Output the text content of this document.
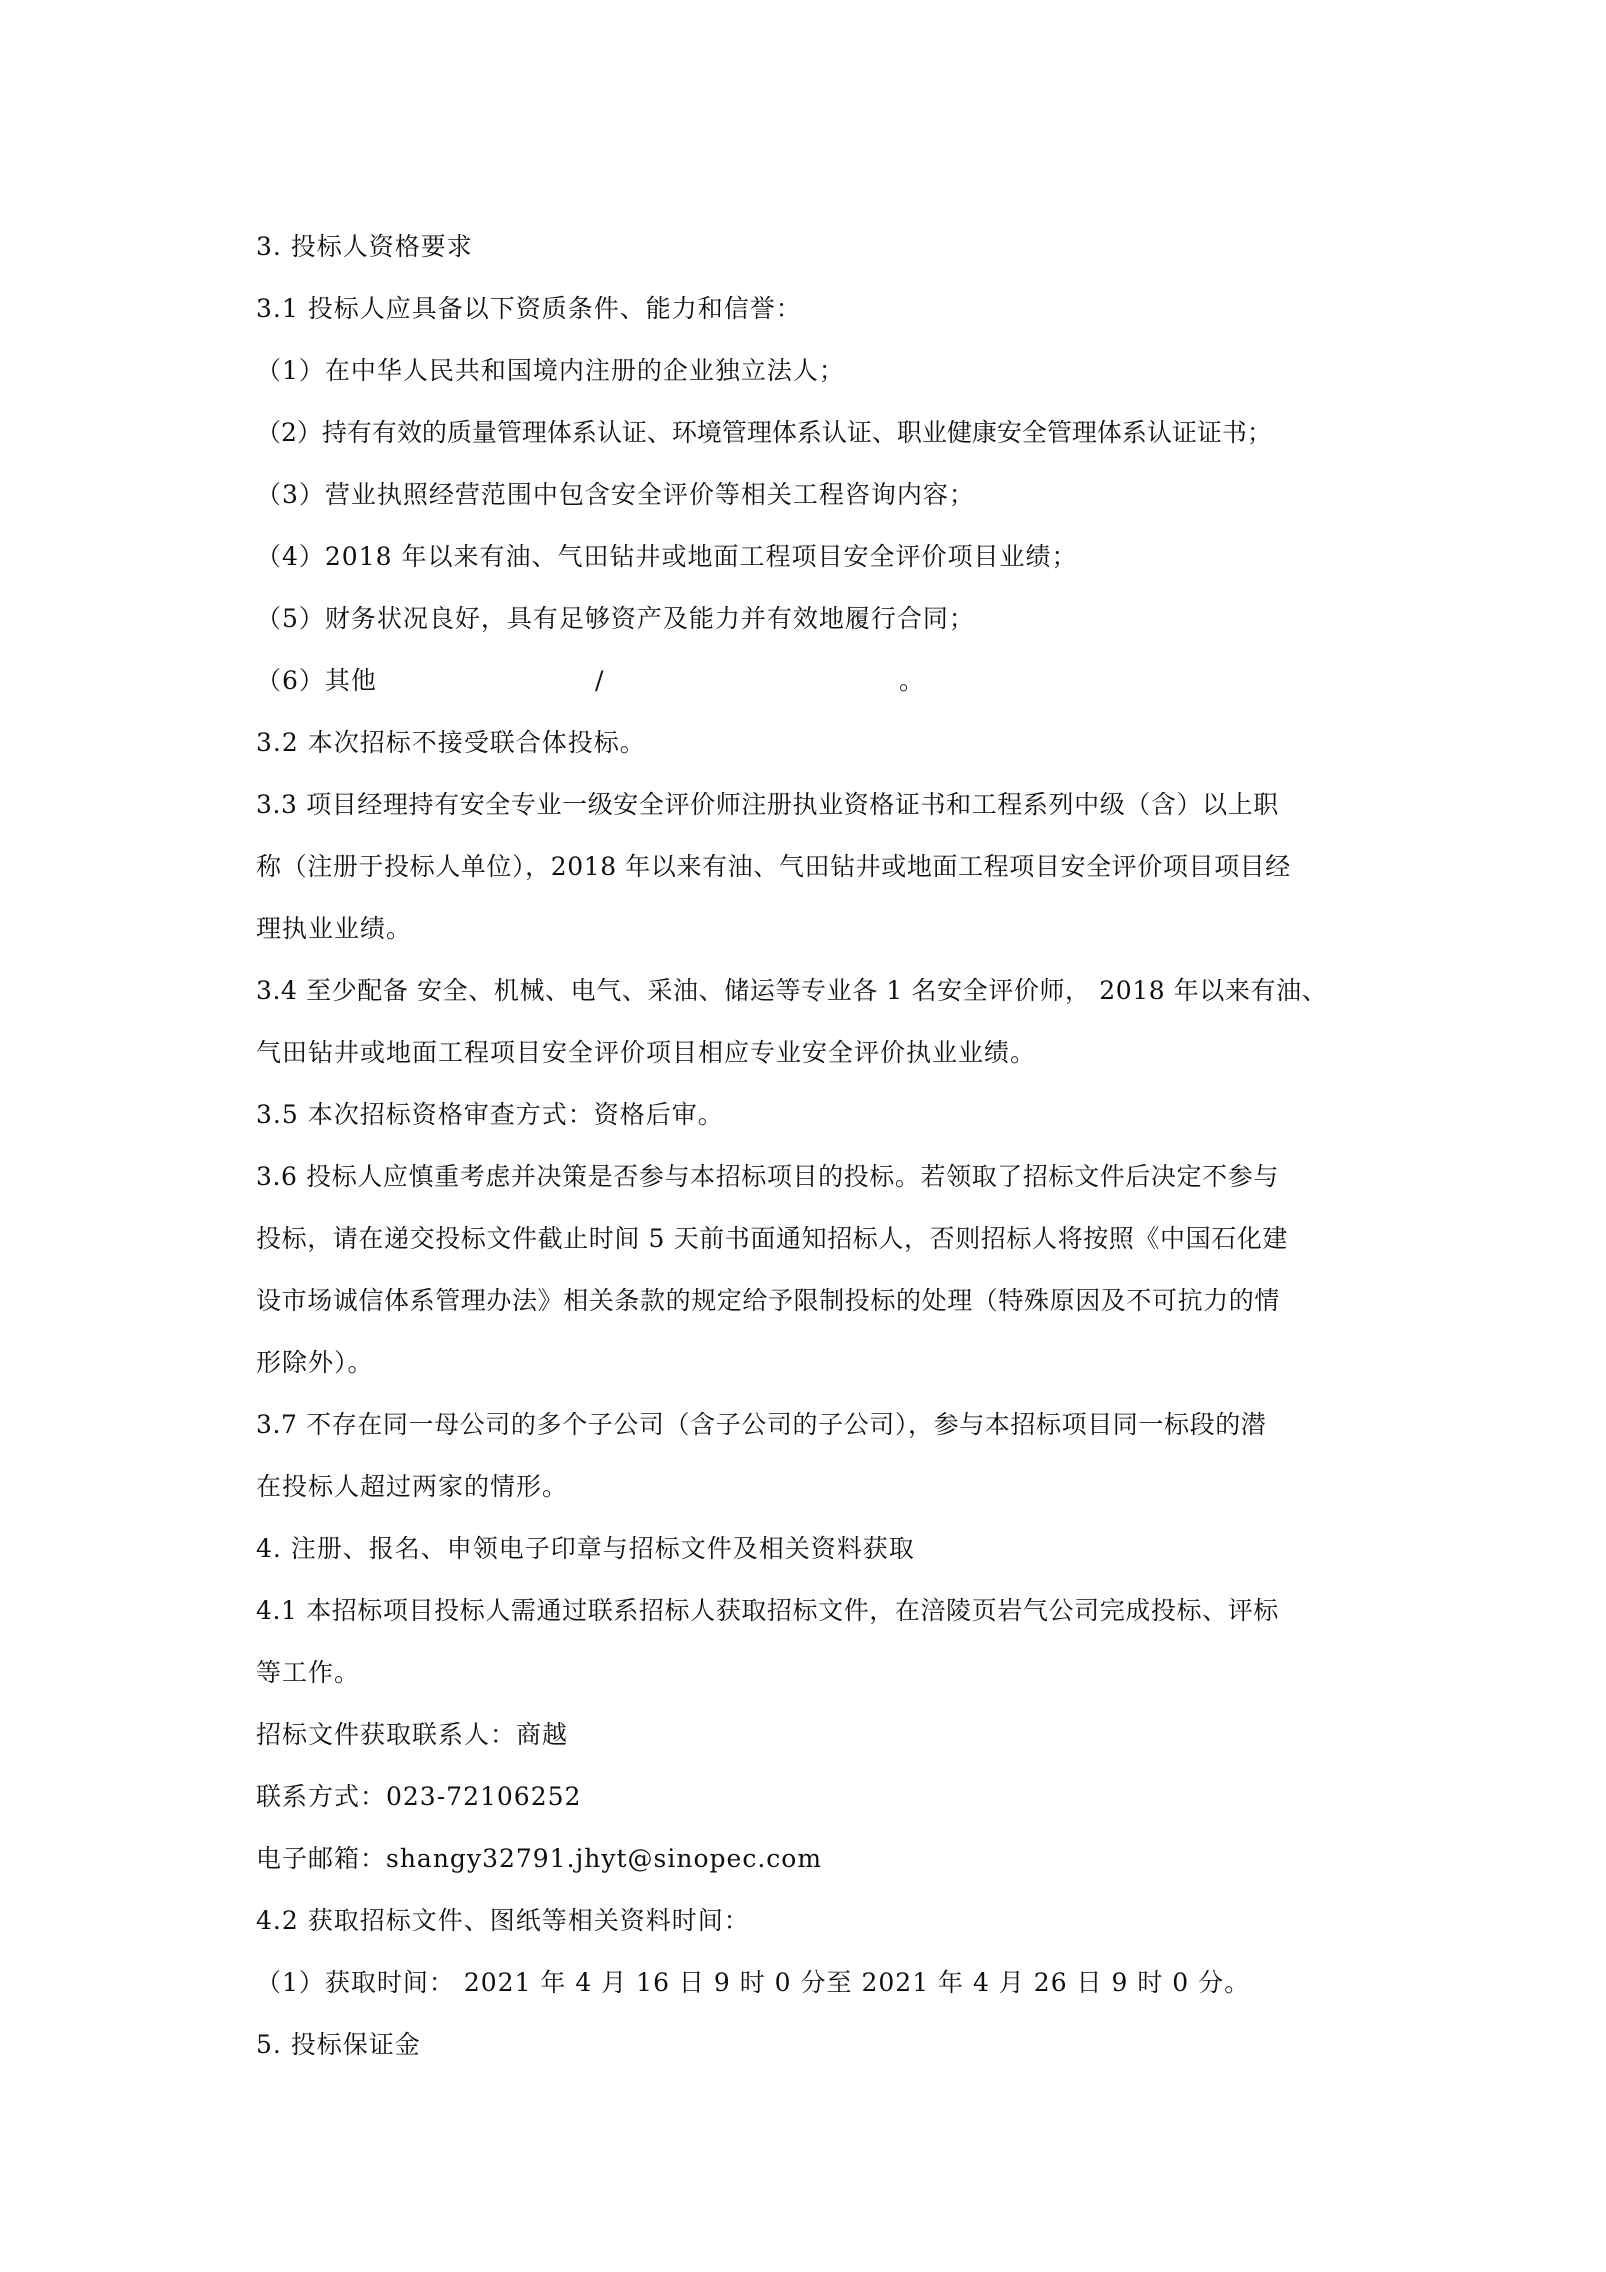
3. 投标人资格要求
3.1 投标人应具备以下资质条件、能力和信誉：
（1）在中华人民共和国境内注册的企业独立法人；
（2）持有有效的质量管理体系认证、环境管理体系认证、职业健康安全管理体系认证证书；
（3）营业执照经营范围中包含安全评价等相关工程咨询内容；
（4）2018 年以来有油、气田钻井或地面工程项目安全评价项目业绩；
（5）财务状况良好，具有足够资产及能力并有效地履行合同；
（6）其他	/	。
3.2 本次招标不接受联合体投标。
3.3 项目经理持有安全专业一级安全评价师注册执业资格证书和工程系列中级（含）以上职
称（注册于投标人单位），2018 年以来有油、气田钻井或地面工程项目安全评价项目项目经
理执业业绩。
3.4 至少配备 安全、机械、电气、采油、储运等专业各 1 名安全评价师， 2018 年以来有油、
气田钻井或地面工程项目安全评价项目相应专业安全评价执业业绩。
3.5 本次招标资格审查方式：资格后审。
3.6 投标人应慎重考虑并决策是否参与本招标项目的投标。若领取了招标文件后决定不参与
投标，请在递交投标文件截止时间 5 天前书面通知招标人，否则招标人将按照《中国石化建
设市场诚信体系管理办法》相关条款的规定给予限制投标的处理（特殊原因及不可抗力的情
形除外）。
3.7 不存在同一母公司的多个子公司（含子公司的子公司），参与本招标项目同一标段的潜
在投标人超过两家的情形。
4. 注册、报名、申领电子印章与招标文件及相关资料获取
4.1 本招标项目投标人需通过联系招标人获取招标文件，在涪陵页岩气公司完成投标、评标
等工作。
招标文件获取联系人：商越
联系方式：023-72106252
电子邮箱：shangy32791.jhyt@sinopec.com
4.2 获取招标文件、图纸等相关资料时间：
（1）获取时间： 2021 年 4 月 16 日 9 时 0 分至 2021 年 4 月 26 日 9 时 0 分。
5. 投标保证金
